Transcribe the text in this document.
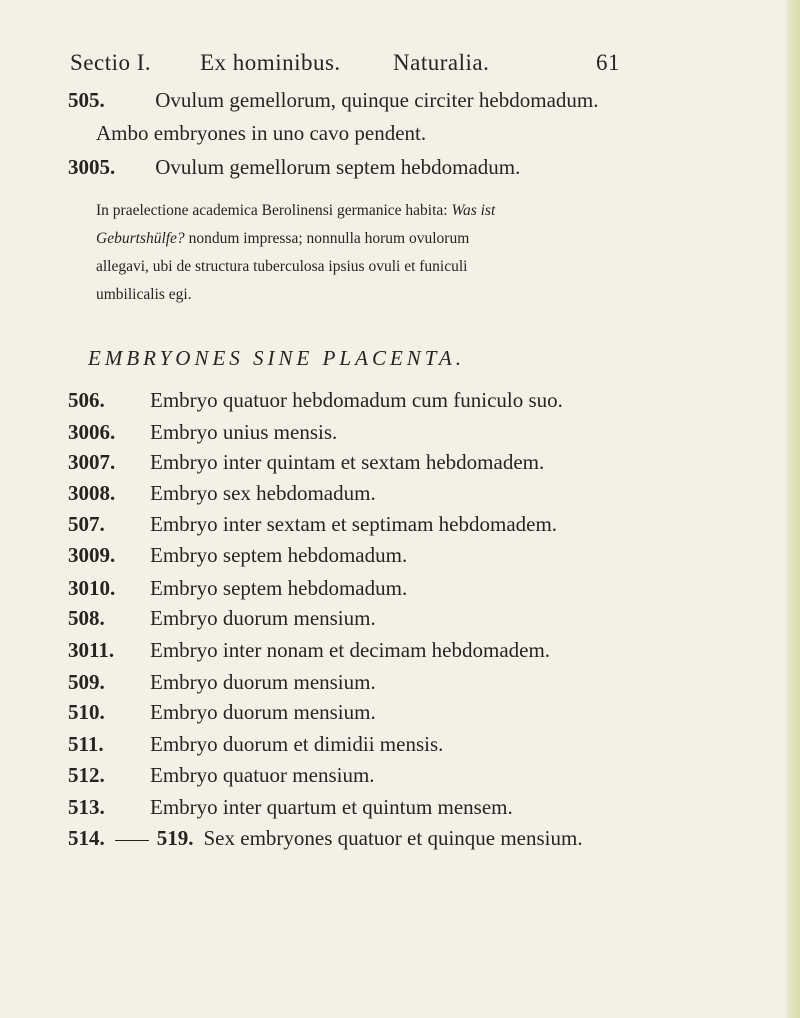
Sectio I. Ex hominibus. Naturalia.	61
505. Ovulum gemellorum, quinque circiter hebdomadum.
Ambo embryones in uno cavo pendent.
3005. Ovulum gemellorum septem hebdomadum.
In praelectione academica Berolinensi germanice habita: Was ist
Geburtshülfe? nondum impressa; nonnulla horum ovulorum
allegavi, ubi de structura tuberculosa ipsius ovuli et funiculi
umbilicalis egi.
EMBRYONES SINE PLACENTA.
506. Embryo quatuor hebdomadum cum funiculo suo.
3006. Embryo unius mensis.
3007. Embryo inter quintam et sextam hebdomadem.
3008. Embryo sex hebdomadum.
507. Embryo inter sextam et septimam hebdomadem.
3009. Embryo septem hebdomadum.
3010. Embryo septem hebdomadum.
508. Embryo duorum mensium.
3011. Embryo inter nonam et decimam hebdomadem.
509. Embryo duorum mensium.
510. Embryo duorum mensium.
511. Embryo duorum et dimidii mensis.
512. Embryo quatuor mensium.
513. Embryo inter quartum et quintum mensem.
514. 519. Sex embryones quatuor et quinque mensium.
